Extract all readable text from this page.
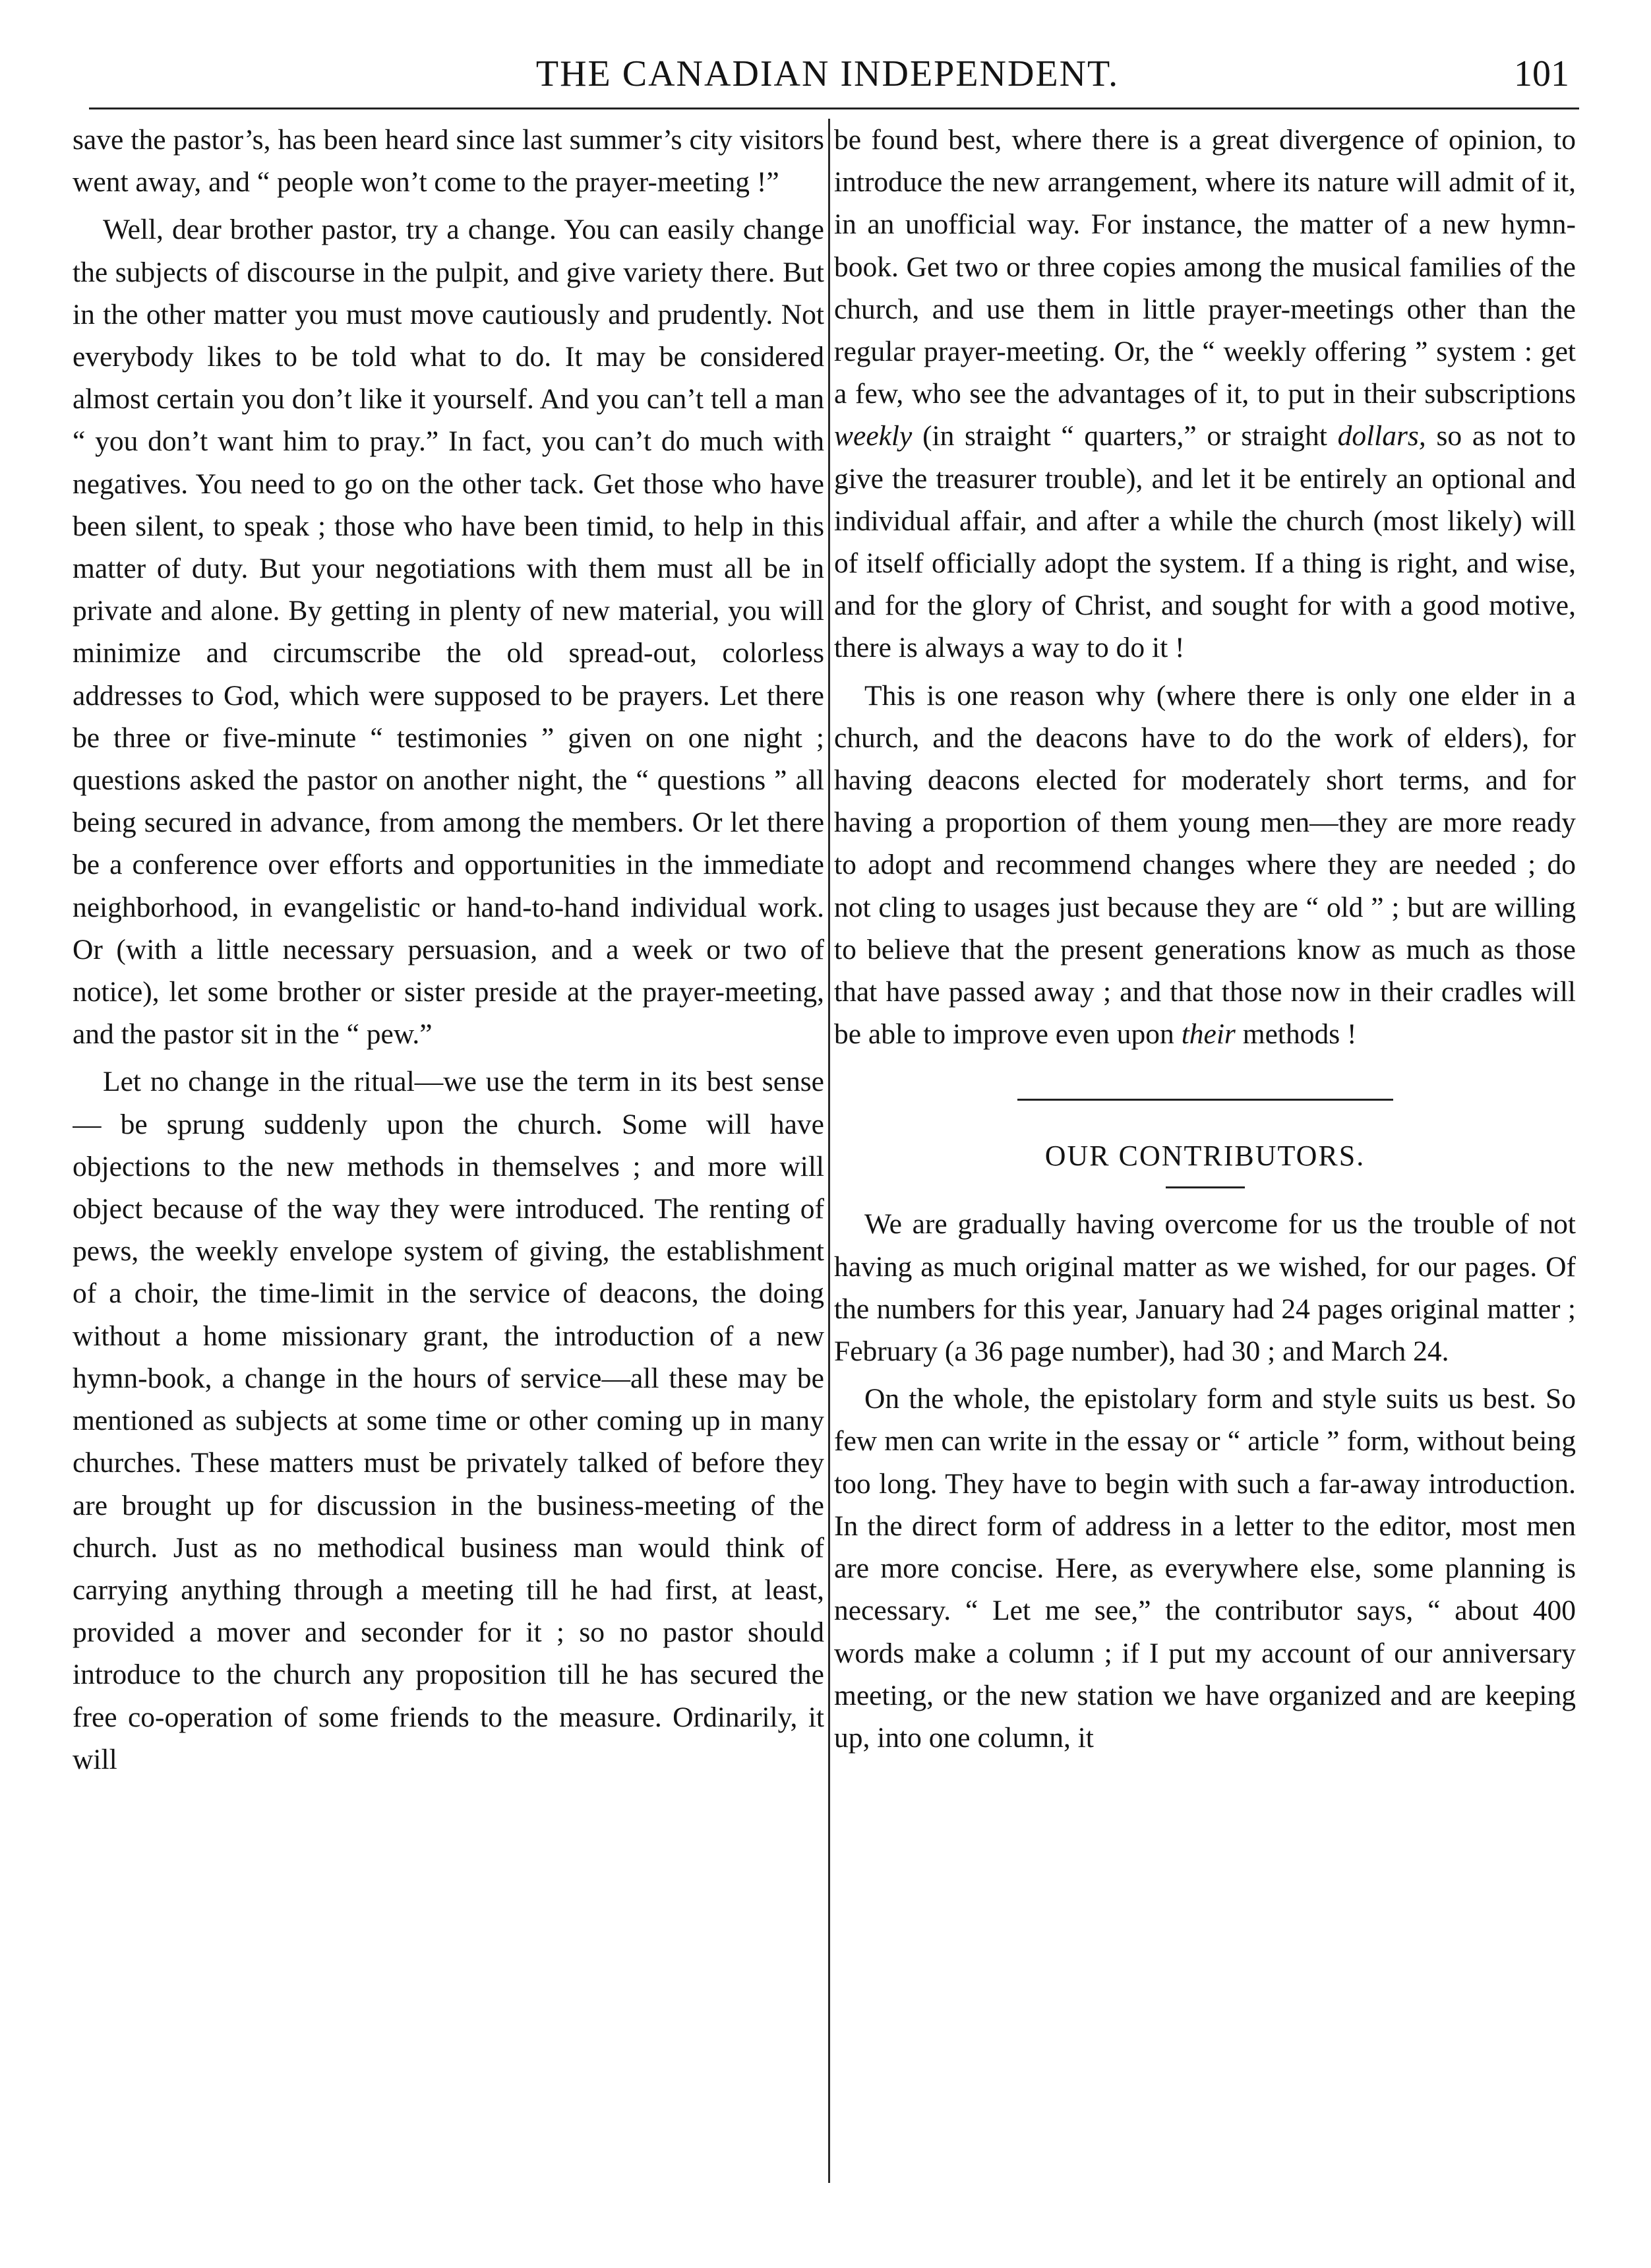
THE CANADIAN INDEPENDENT.	101

save the pastor’s, has been heard since last summer’s city visitors went away, and “ people won’t come to the prayer-meeting !”

Well, dear brother pastor, try a change. You can easily change the subjects of discourse in the pulpit, and give variety there. But in the other matter you must move cautiously and prudently. Not everybody likes to be told what to do. It may be considered almost certain you don’t like it yourself. And you can’t tell a man “ you don’t want him to pray.” In fact, you can’t do much with negatives. You need to go on the other tack. Get those who have been silent, to speak ; those who have been timid, to help in this matter of duty. But your negotiations with them must all be in private and alone. By getting in plenty of new material, you will minimize and circumscribe the old spread-out, colorless addresses to God, which were supposed to be prayers. Let there be three or five-minute “ testimonies ” given on one night ; questions asked the pastor on another night, the “ questions ” all being secured in advance, from among the members. Or let there be a conference over efforts and opportunities in the immediate neighborhood, in evangelistic or hand-to-hand individual work. Or (with a little necessary persuasion, and a week or two of notice), let some brother or sister preside at the prayer-meeting, and the pastor sit in the “ pew.”

Let no change in the ritual—we use the term in its best sense — be sprung suddenly upon the church. Some will have objections to the new methods in themselves ; and more will object because of the way they were introduced. The renting of pews, the weekly envelope system of giving, the establishment of a choir, the time-limit in the service of deacons, the doing without a home missionary grant, the introduction of a new hymn-book, a change in the hours of service—all these may be mentioned as subjects at some time or other coming up in many churches. These matters must be privately talked of before they are brought up for discussion in the business-meeting of the church. Just as no methodical business man would think of carrying anything through a meeting till he had first, at least, provided a mover and seconder for it ; so no pastor should introduce to the church any proposition till he has secured the free co-operation of some friends to the measure. Ordinarily, it will

be found best, where there is a great divergence of opinion, to introduce the new arrangement, where its nature will admit of it, in an unofficial way. For instance, the matter of a new hymn-book. Get two or three copies among the musical families of the church, and use them in little prayer-meetings other than the regular prayer-meeting. Or, the “ weekly offering ” system : get a few, who see the advantages of it, to put in their subscriptions weekly (in straight “ quarters,” or straight dollars, so as not to give the treasurer trouble), and let it be entirely an optional and individual affair, and after a while the church (most likely) will of itself officially adopt the system. If a thing is right, and wise, and for the glory of Christ, and sought for with a good motive, there is always a way to do it !

This is one reason why (where there is only one elder in a church, and the deacons have to do the work of elders), for having deacons elected for moderately short terms, and for having a proportion of them young men—they are more ready to adopt and recommend changes where they are needed ; do not cling to usages just because they are “ old ” ; but are willing to believe that the present generations know as much as those that have passed away ; and that those now in their cradles will be able to improve even upon their methods !

OUR CONTRIBUTORS.

We are gradually having overcome for us the trouble of not having as much original matter as we wished, for our pages. Of the numbers for this year, January had 24 pages original matter ; February (a 36 page number), had 30 ; and March 24.

On the whole, the epistolary form and style suits us best. So few men can write in the essay or “ article ” form, without being too long. They have to begin with such a far-away introduction. In the direct form of address in a letter to the editor, most men are more concise. Here, as everywhere else, some planning is necessary. “ Let me see,” the contributor says, “ about 400 words make a column ; if I put my account of our anniversary meeting, or the new station we have organized and are keeping up, into one column, it
